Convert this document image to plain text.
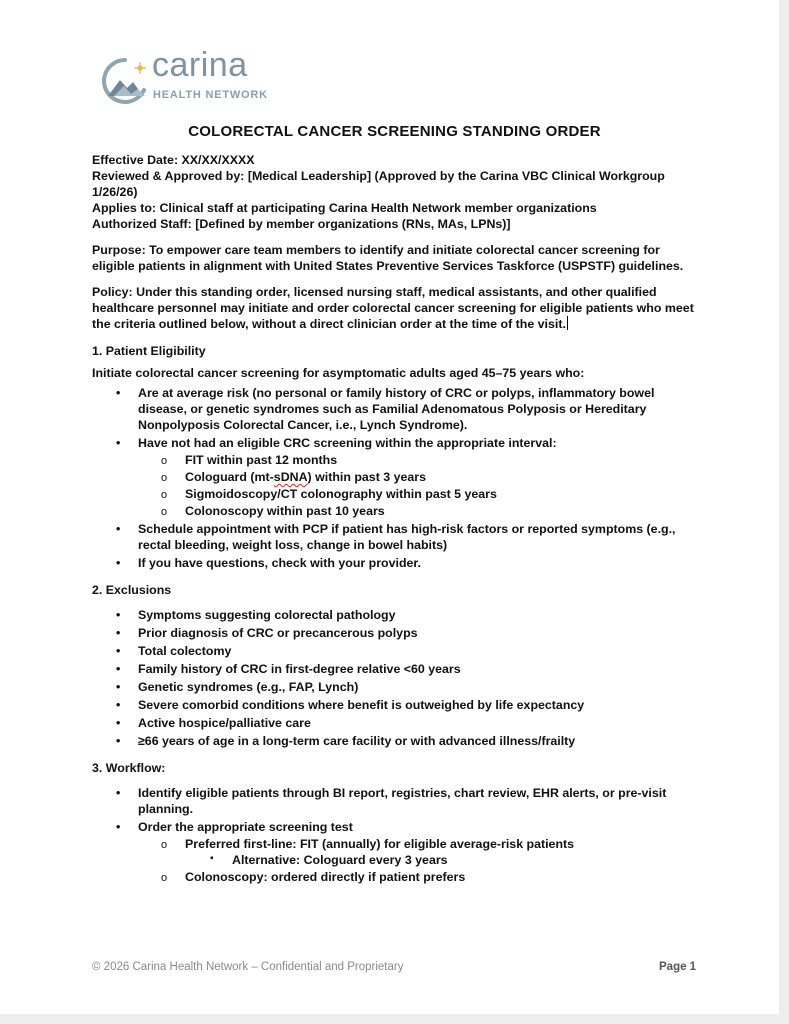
carina
HEALTH NETWORK
COLORECTAL CANCER SCREENING STANDING ORDER

Effective Date: XX/XX/XXXX

Reviewed & Approved by: [Medical Leadership] (Approved by the Carina VBC Clinical Workgroup 1/26/26)

Applies to: Clinical staff at participating Carina Health Network member organizations

Authorized Staff: [Defined by member organizations (RNs, MAs, LPNs)]

Purpose: To empower care team members to identify and initiate colorectal cancer screening for eligible patients in alignment with United States Preventive Services Taskforce (USPSTF) guidelines.

Policy: Under this standing order, licensed nursing staff, medical assistants, and other qualified healthcare personnel may initiate and order colorectal cancer screening for eligible patients who meet the criteria outlined below, without a direct clinician order at the time of the visit.

1. Patient Eligibility
Initiate colorectal cancer screening for asymptomatic adults aged 45–75 years who:
• Are at average risk (no personal or family history of CRC or polyps, inflammatory bowel disease, or genetic syndromes such as Familial Adenomatous Polyposis or Hereditary Nonpolyposis Colorectal Cancer, i.e., Lynch Syndrome).
• Have not had an eligible CRC screening within the appropriate interval:
o FIT within past 12 months
o Cologuard (mt-sDNA) within past 3 years
o Sigmoidoscopy/CT colonography within past 5 years
o Colonoscopy within past 10 years
• Schedule appointment with PCP if patient has high-risk factors or reported symptoms (e.g., rectal bleeding, weight loss, change in bowel habits)
• If you have questions, check with your provider.
2. Exclusions
• Symptoms suggesting colorectal pathology
• Prior diagnosis of CRC or precancerous polyps
• Total colectomy
• Family history of CRC in first-degree relative <60 years
• Genetic syndromes (e.g., FAP, Lynch)
• Severe comorbid conditions where benefit is outweighed by life expectancy
• Active hospice/palliative care
• ≥66 years of age in a long-term care facility or with advanced illness/frailty
3. Workflow:
• Identify eligible patients through BI report, registries, chart review, EHR alerts, or pre-visit planning.
• Order the appropriate screening test
o Preferred first-line: FIT (annually) for eligible average-risk patients
▪ Alternative: Cologuard every 3 years
o Colonoscopy: ordered directly if patient prefers
© 2026 Carina Health Network – Confidential and Proprietary	Page 1
